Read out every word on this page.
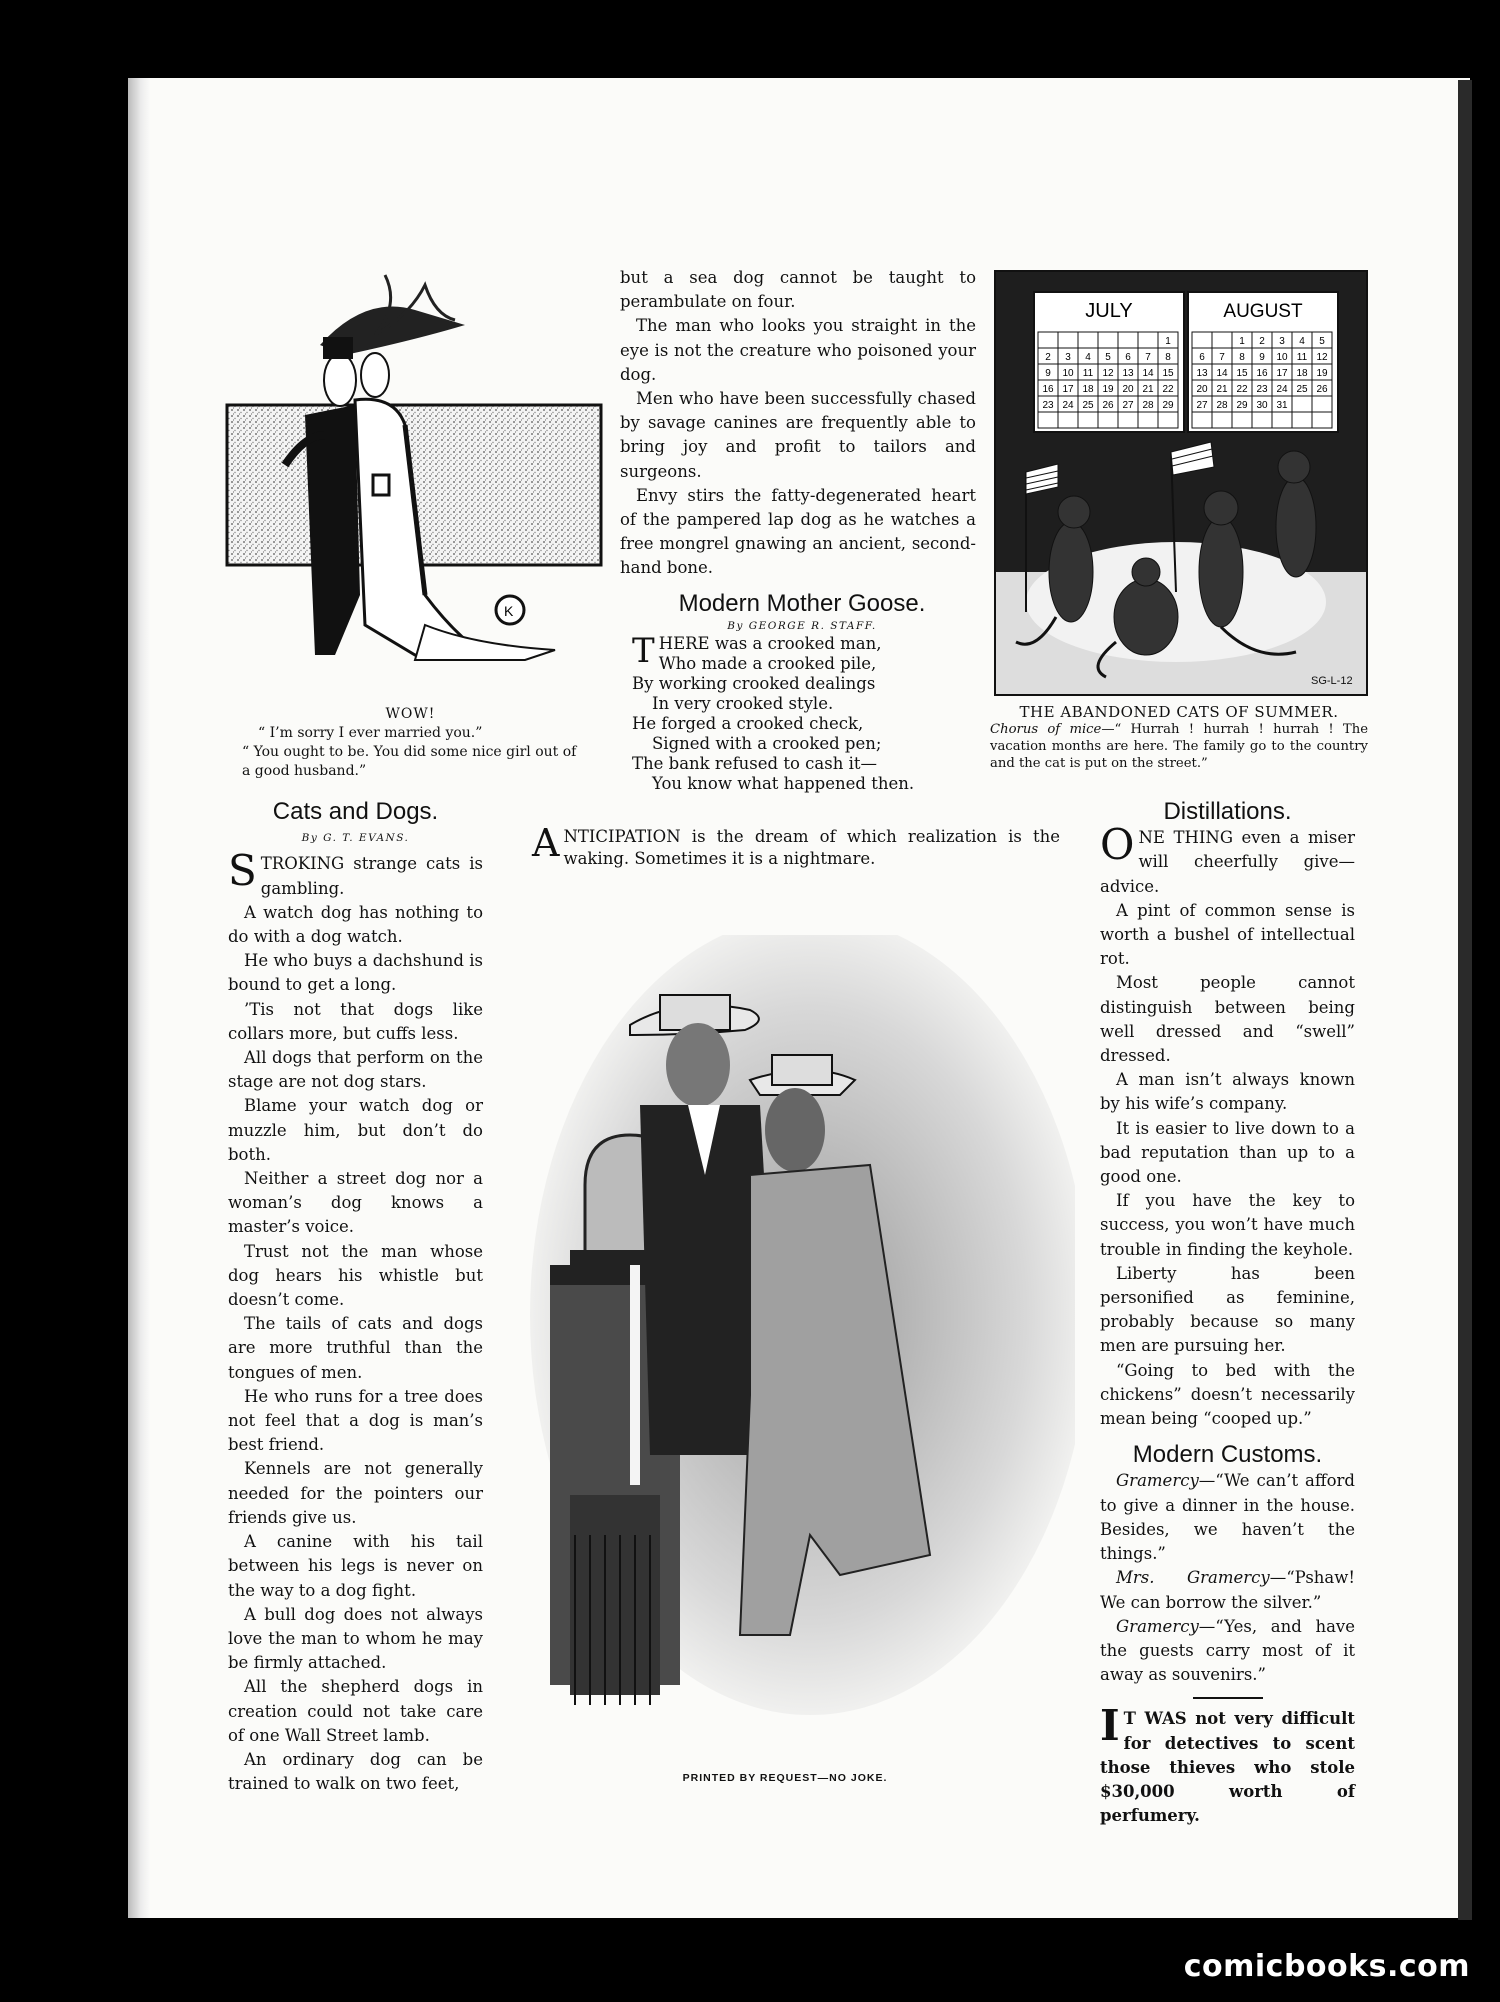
K
WOW!
“ I’m sorry I ever married you.”
“ You ought to be. You did some nice girl out of a good husband.”

but a sea dog cannot be taught to perambulate on four.

The man who looks you straight in the eye is not the creature who poisoned your dog.

Men who have been successfully chased by savage canines are frequently able to bring joy and profit to tailors and surgeons.

Envy stirs the fatty-degenerated heart of the pampered lap dog as he watches a free mongrel gnawing an ancient, second-hand bone.

Modern Mother Goose.
By GEORGE R. STAFF.
THERE was a crooked man,
Who made a crooked pile,
By working crooked dealings
In very crooked style.
He forged a crooked check,
Signed with a crooked pen;
The bank refused to cash it—
You know what happened then.
JULY	AUGUST
1
2 3 4 5 6 7 8
9 10 11 12 13 14 15
16 17 18 19 20 21 22
23 24 25 26 27 28 29
1 2 3 4 5
6 7 8 9 10 11 12
13 14 15 16 17 18 19
20 21 22 23 24 25 26
27 28 29 30 31
SG-L-12
THE ABANDONED CATS OF SUMMER.
Chorus of mice—“ Hurrah ! hurrah ! hurrah ! The vacation months are here. The family go to the country and the cat is put on the street.”
Cats and Dogs.
By G. T. EVANS.

STROKING strange cats is gambling.

A watch dog has nothing to do with a dog watch.

He who buys a dachshund is bound to get a long.

’Tis not that dogs like collars more, but cuffs less.

All dogs that perform on the stage are not dog stars.

Blame your watch dog or muzzle him, but don’t do both.

Neither a street dog nor a woman’s dog knows a master’s voice.

Trust not the man whose dog hears his whistle but doesn’t come.

The tails of cats and dogs are more truthful than the tongues of men.

He who runs for a tree does not feel that a dog is man’s best friend.

Kennels are not generally needed for the pointers our friends give us.

A canine with his tail between his legs is never on the way to a dog fight.

A bull dog does not always love the man to whom he may be firmly attached.

All the shepherd dogs in creation could not take care of one Wall Street lamb.

An ordinary dog can be trained to walk on two feet,

ANTICIPATION is the dream of which realization is the waking. Sometimes it is a nightmare.

PRINTED BY REQUEST—NO JOKE.
Distillations.

ONE THING even a miser will cheerfully give—advice.

A pint of common sense is worth a bushel of intellectual rot.

Most people cannot distinguish between being well dressed and “swell” dressed.

A man isn’t always known by his wife’s company.

It is easier to live down to a bad reputation than up to a good one.

If you have the key to success, you won’t have much trouble in finding the keyhole.

Liberty has been personified as feminine, probably because so many men are pursuing her.

“Going to bed with the chickens” doesn’t necessarily mean being “cooped up.”

Modern Customs.

Gramercy—“We can’t afford to give a dinner in the house. Besides, we haven’t the things.”

Mrs. Gramercy—“Pshaw! We can borrow the silver.”

Gramercy—“Yes, and have the guests carry most of it away as souvenirs.”

I T WAS not very difficult for detectives to scent those thieves who stole $30,000 worth of perfumery.

comicbooks.com
